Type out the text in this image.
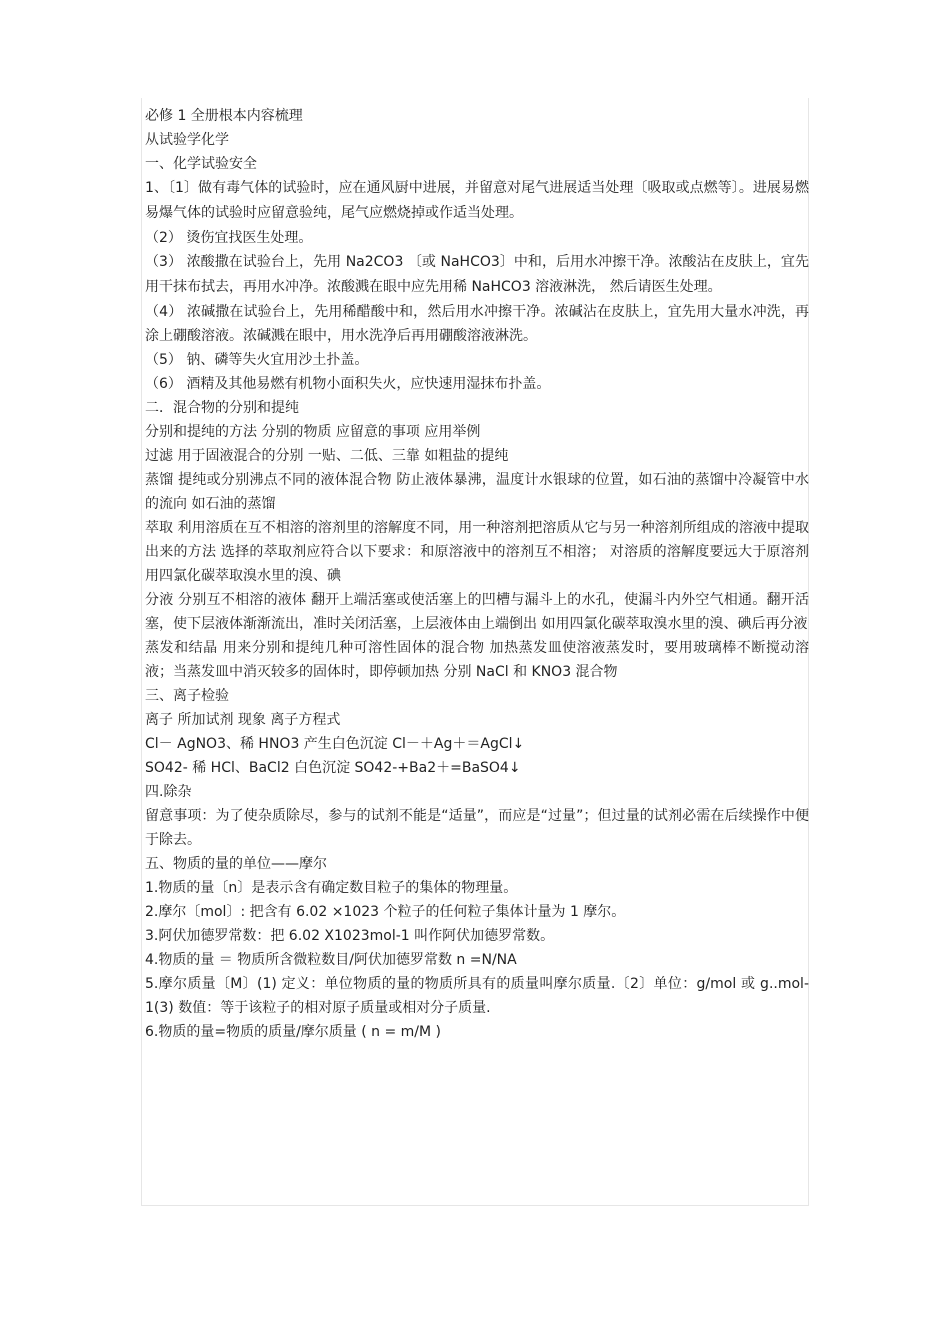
必修 1 全册根本内容梳理

从试验学化学

一、化学试验安全

1、〔1〕做有毒气体的试验时，应在通风厨中进展，并留意对尾气进展适当处理〔吸取或点燃等〕。进展易燃易爆气体的试验时应留意验纯，尾气应燃烧掉或作适当处理。

（2） 烫伤宜找医生处理。

（3） 浓酸撒在试验台上，先用 Na2CO3 〔或 NaHCO3〕中和，后用水冲擦干净。浓酸沾在皮肤上，宜先用干抹布拭去，再用水冲净。浓酸溅在眼中应先用稀 NaHCO3 溶液淋洗， 然后请医生处理。

（4） 浓碱撒在试验台上，先用稀醋酸中和，然后用水冲擦干净。浓碱沾在皮肤上，宜先用大量水冲洗，再涂上硼酸溶液。浓碱溅在眼中，用水洗净后再用硼酸溶液淋洗。

（5） 钠、磷等失火宜用沙土扑盖。

（6） 酒精及其他易燃有机物小面积失火，应快速用湿抹布扑盖。

二．混合物的分别和提纯

分别和提纯的方法 分别的物质 应留意的事项 应用举例

过滤 用于固液混合的分别 一贴、二低、三靠 如粗盐的提纯

蒸馏 提纯或分别沸点不同的液体混合物 防止液体暴沸，温度计水银球的位置，如石油的蒸馏中冷凝管中水的流向 如石油的蒸馏

萃取 利用溶质在互不相溶的溶剂里的溶解度不同，用一种溶剂把溶质从它与另一种溶剂所组成的溶液中提取出来的方法 选择的萃取剂应符合以下要求：和原溶液中的溶剂互不相溶； 对溶质的溶解度要远大于原溶剂 用四氯化碳萃取溴水里的溴、碘

分液 分别互不相溶的液体 翻开上端活塞或使活塞上的凹槽与漏斗上的水孔，使漏斗内外空气相通。翻开活塞，使下层液体渐渐流出，准时关闭活塞，上层液体由上端倒出 如用四氯化碳萃取溴水里的溴、碘后再分液

蒸发和结晶 用来分别和提纯几种可溶性固体的混合物 加热蒸发皿使溶液蒸发时，要用玻璃棒不断搅动溶液；当蒸发皿中消灭较多的固体时，即停顿加热 分别 NaCl 和 KNO3 混合物

三、离子检验

离子 所加试剂 现象 离子方程式

Cl－ AgNO3、稀 HNO3 产生白色沉淀 Cl－＋Ag＋＝AgCl↓

SO42- 稀 HCl、BaCl2 白色沉淀 SO42-+Ba2＋=BaSO4↓

四.除杂

留意事项：为了使杂质除尽，参与的试剂不能是“适量”，而应是“过量”；但过量的试剂必需在后续操作中便于除去。

五、物质的量的单位——摩尔

1.物质的量〔n〕是表示含有确定数目粒子的集体的物理量。

2.摩尔〔mol〕: 把含有 6.02 ×1023 个粒子的任何粒子集体计量为 1 摩尔。

3.阿伏加德罗常数：把 6.02 X1023mol-1 叫作阿伏加德罗常数。

4.物质的量 ＝ 物质所含微粒数目/阿伏加德罗常数 n =N/NA

5.摩尔质量〔M〕(1) 定义：单位物质的量的物质所具有的质量叫摩尔质量.〔2〕单位：g/mol 或 g..mol-1(3) 数值：等于该粒子的相对原子质量或相对分子质量.

6.物质的量=物质的质量/摩尔质量 ( n = m/M )
